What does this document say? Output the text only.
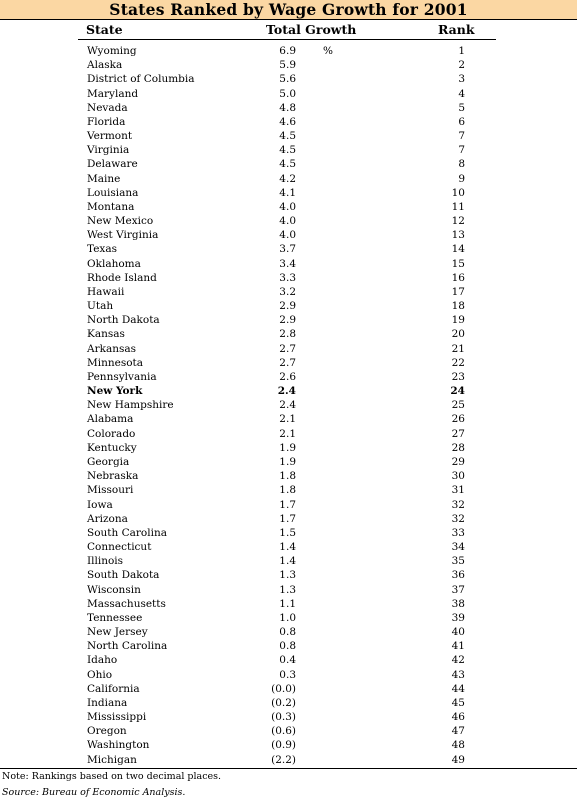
States Ranked by Wage Growth for 2001
State	Total Growth	Rank
Wyoming	6.9	1
%
Alaska	5.9	2
District of Columbia	5.6	3
Maryland	5.0	4
Nevada	4.8	5
Florida	4.6	6
Vermont	4.5	7
Virginia	4.5	7
Delaware	4.5	8
Maine	4.2	9
Louisiana	4.1	10
Montana	4.0	11
New Mexico	4.0	12
West Virginia	4.0	13
Texas	3.7	14
Oklahoma	3.4	15
Rhode Island	3.3	16
Hawaii	3.2	17
Utah	2.9	18
North Dakota	2.9	19
Kansas	2.8	20
Arkansas	2.7	21
Minnesota	2.7	22
Pennsylvania	2.6	23
New York	2.4	24
New Hampshire	2.4	25
Alabama	2.1	26
Colorado	2.1	27
Kentucky	1.9	28
Georgia	1.9	29
Nebraska	1.8	30
Missouri	1.8	31
Iowa	1.7	32
Arizona	1.7	32
South Carolina	1.5	33
Connecticut	1.4	34
Illinois	1.4	35
South Dakota	1.3	36
Wisconsin	1.3	37
Massachusetts	1.1	38
Tennessee	1.0	39
New Jersey	0.8	40
North Carolina	0.8	41
Idaho	0.4	42
Ohio	0.3	43
California	(0.0)	44
Indiana	(0.2)	45
Mississippi	(0.3)	46
Oregon	(0.6)	47
Washington	(0.9)	48
Michigan	(2.2)	49
Note: Rankings based on two decimal places.
Source: Bureau of Economic Analysis.
